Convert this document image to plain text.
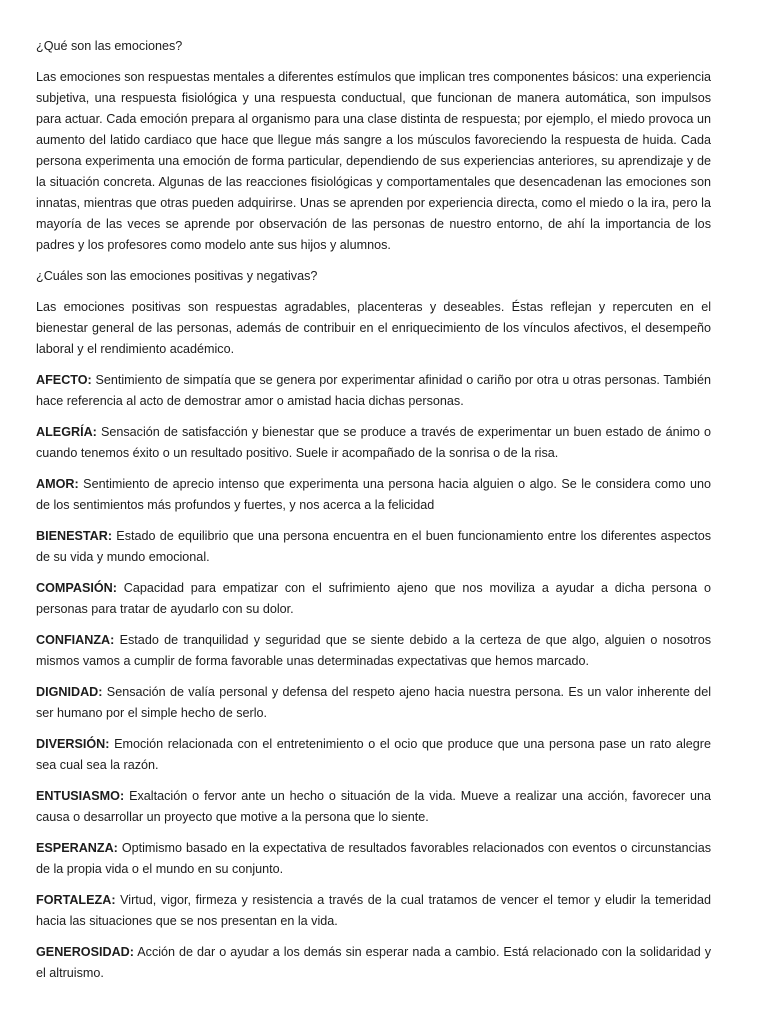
¿Qué son las emociones?

Las emociones son respuestas mentales a diferentes estímulos que implican tres componentes básicos: una experiencia subjetiva, una respuesta fisiológica y una respuesta conductual, que funcionan de manera automática, son impulsos para actuar. Cada emoción prepara al organismo para una clase distinta de respuesta; por ejemplo, el miedo provoca un aumento del latido cardiaco que hace que llegue más sangre a los músculos favoreciendo la respuesta de huida. Cada persona experimenta una emoción de forma particular, dependiendo de sus experiencias anteriores, su aprendizaje y de la situación concreta. Algunas de las reacciones fisiológicas y comportamentales que desencadenan las emociones son innatas, mientras que otras pueden adquirirse. Unas se aprenden por experiencia directa, como el miedo o la ira, pero la mayoría de las veces se aprende por observación de las personas de nuestro entorno, de ahí la importancia de los padres y los profesores como modelo ante sus hijos y alumnos.

¿Cuáles son las emociones positivas y negativas?

Las emociones positivas son respuestas agradables, placenteras y deseables. Éstas reflejan y repercuten en el bienestar general de las personas, además de contribuir en el enriquecimiento de los vínculos afectivos, el desempeño laboral y el rendimiento académico.

AFECTO: Sentimiento de simpatía que se genera por experimentar afinidad o cariño por otra u otras personas. También hace referencia al acto de demostrar amor o amistad hacia dichas personas.

ALEGRÍA: Sensación de satisfacción y bienestar que se produce a través de experimentar un buen estado de ánimo o cuando tenemos éxito o un resultado positivo. Suele ir acompañado de la sonrisa o de la risa.

AMOR: Sentimiento de aprecio intenso que experimenta una persona hacia alguien o algo. Se le considera como uno de los sentimientos más profundos y fuertes, y nos acerca a la felicidad

BIENESTAR: Estado de equilibrio que una persona encuentra en el buen funcionamiento entre los diferentes aspectos de su vida y mundo emocional.

COMPASIÓN: Capacidad para empatizar con el sufrimiento ajeno que nos moviliza a ayudar a dicha persona o personas para tratar de ayudarlo con su dolor.

CONFIANZA: Estado de tranquilidad y seguridad que se siente debido a la certeza de que algo, alguien o nosotros mismos vamos a cumplir de forma favorable unas determinadas expectativas que hemos marcado.

DIGNIDAD: Sensación de valía personal y defensa del respeto ajeno hacia nuestra persona. Es un valor inherente del ser humano por el simple hecho de serlo.

DIVERSIÓN: Emoción relacionada con el entretenimiento o el ocio que produce que una persona pase un rato alegre sea cual sea la razón.

ENTUSIASMO: Exaltación o fervor ante un hecho o situación de la vida. Mueve a realizar una acción, favorecer una causa o desarrollar un proyecto que motive a la persona que lo siente.

ESPERANZA: Optimismo basado en la expectativa de resultados favorables relacionados con eventos o circunstancias de la propia vida o el mundo en su conjunto.

FORTALEZA: Virtud, vigor, firmeza y resistencia a través de la cual tratamos de vencer el temor y eludir la temeridad hacia las situaciones que se nos presentan en la vida.

GENEROSIDAD: Acción de dar o ayudar a los demás sin esperar nada a cambio. Está relacionado con la solidaridad y el altruismo.
